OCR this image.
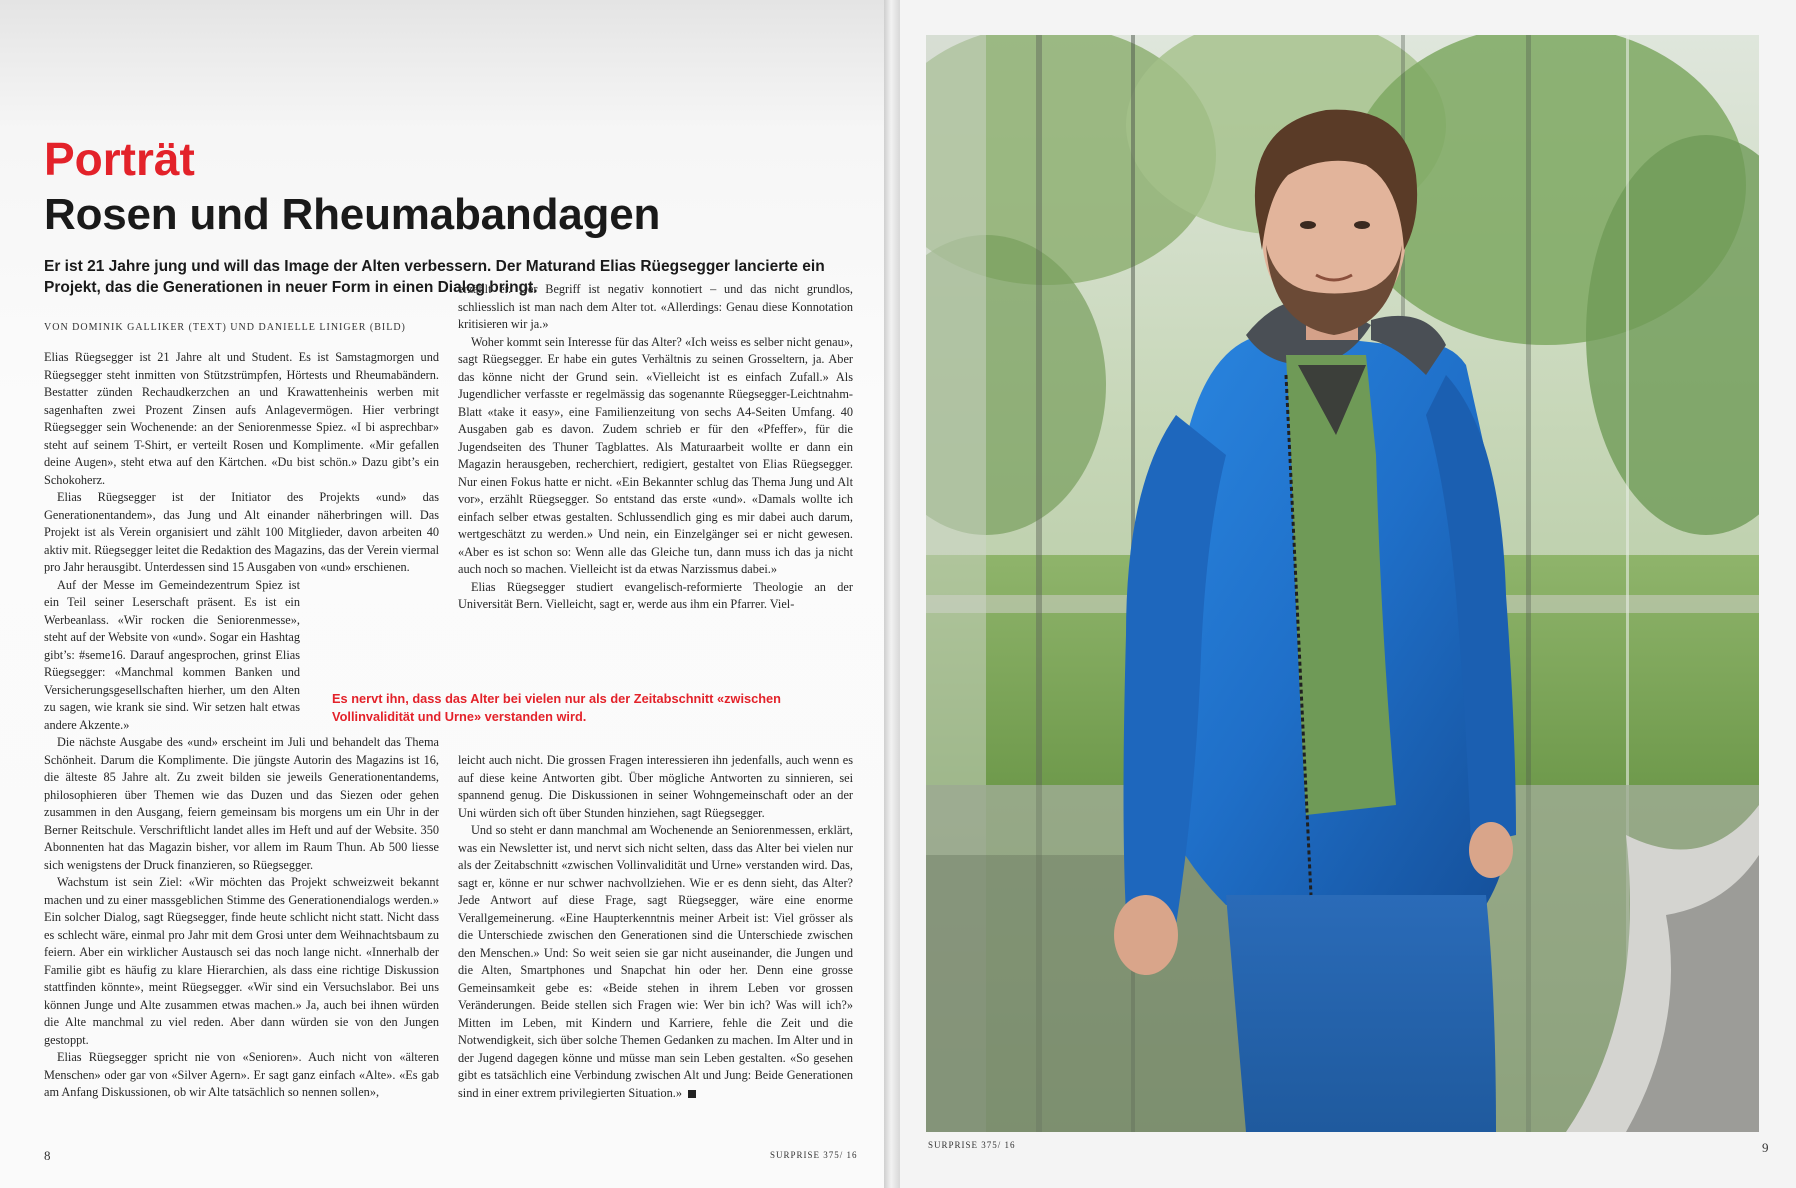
Porträt
Rosen und Rheumabandagen

Er ist 21 Jahre jung und will das Image der Alten verbessern. Der Maturand Elias Rüegsegger lancierte ein Projekt, das die Generationen in neuer Form in einen Dialog bringt.

VON DOMINIK GALLIKER (TEXT) UND DANIELLE LINIGER (BILD)

Elias Rüegsegger ist 21 Jahre alt und Student. Es ist Samstagmorgen und Rüegsegger steht inmitten von Stützstrümpfen, Hörtests und Rheumabändern. Bestatter zünden Rechaudkerzchen an und Krawattenheinis werben mit sagenhaften zwei Prozent Zinsen aufs Anlagevermögen. Hier verbringt Rüegsegger sein Wochenende: an der Seniorenmesse Spiez. «I bi asprechbar» steht auf seinem T-Shirt, er verteilt Rosen und Komplimente. «Mir gefallen deine Augen», steht etwa auf den Kärtchen. «Du bist schön.» Dazu gibt’s ein Schokoherz.

Elias Rüegsegger ist der Initiator des Projekts «und» das Generationentandem», das Jung und Alt einander näherbringen will. Das Projekt ist als Verein organisiert und zählt 100 Mitglieder, davon arbeiten 40 aktiv mit. Rüegsegger leitet die Redaktion des Magazins, das der Verein viermal pro Jahr herausgibt. Unterdessen sind 15 Ausgaben von «und» erschienen.

Auf der Messe im Gemeindezentrum Spiez ist ein Teil seiner Leserschaft präsent. Es ist ein Werbeanlass. «Wir rocken die Seniorenmesse», steht auf der Website von «und». Sogar ein Hashtag gibt’s: #seme16. Darauf angesprochen, grinst Elias Rüegsegger: «Manchmal kommen Banken und Versicherungsgesellschaften hierher, um den Alten zu sagen, wie krank sie sind. Wir setzen halt etwas andere Akzente.»

Die nächste Ausgabe des «und» erscheint im Juli und behandelt das Thema Schönheit. Darum die Komplimente. Die jüngste Autorin des Magazins ist 16, die älteste 85 Jahre alt. Zu zweit bilden sie jeweils Generationentandems, philosophieren über Themen wie das Duzen und das Siezen oder gehen zusammen in den Ausgang, feiern gemeinsam bis morgens um ein Uhr in der Berner Reitschule. Verschriftlicht landet alles im Heft und auf der Website. 350 Abonnenten hat das Magazin bisher, vor allem im Raum Thun. Ab 500 liesse sich wenigstens der Druck finanzieren, so Rüegsegger.

Wachstum ist sein Ziel: «Wir möchten das Projekt schweizweit bekannt machen und zu einer massgeblichen Stimme des Generationendialogs werden.» Ein solcher Dialog, sagt Rüegsegger, finde heute schlicht nicht statt. Nicht dass es schlecht wäre, einmal pro Jahr mit dem Grosi unter dem Weihnachtsbaum zu feiern. Aber ein wirklicher Austausch sei das noch lange nicht. «Innerhalb der Familie gibt es häufig zu klare Hierarchien, als dass eine richtige Diskussion stattfinden könnte», meint Rüegsegger. «Wir sind ein Versuchslabor. Bei uns können Junge und Alte zusammen etwas machen.» Ja, auch bei ihnen würden die Alte manchmal zu viel reden. Aber dann würden sie von den Jungen gestoppt.

Elias Rüegsegger spricht nie von «Senioren». Auch nicht von «älteren Menschen» oder gar von «Silver Agern». Er sagt ganz einfach «Alte». «Es gab am Anfang Diskussionen, ob wir Alte tatsächlich so nennen sollen»,

erzählt er. Der Begriff ist negativ konnotiert – und das nicht grundlos, schliesslich ist man nach dem Alter tot. «Allerdings: Genau diese Konnotation kritisieren wir ja.»

Woher kommt sein Interesse für das Alter? «Ich weiss es selber nicht genau», sagt Rüegsegger. Er habe ein gutes Verhältnis zu seinen Grosseltern, ja. Aber das könne nicht der Grund sein. «Vielleicht ist es einfach Zufall.» Als Jugendlicher verfasste er regelmässig das sogenannte Rüegsegger-Leichtnahm-Blatt «take it easy», eine Familienzeitung von sechs A4-Seiten Umfang. 40 Ausgaben gab es davon. Zudem schrieb er für den «Pfeffer», für die Jugendseiten des Thuner Tagblattes. Als Maturaarbeit wollte er dann ein Magazin herausgeben, recherchiert, redigiert, gestaltet von Elias Rüegsegger. Nur einen Fokus hatte er nicht. «Ein Bekannter schlug das Thema Jung und Alt vor», erzählt Rüegsegger. So entstand das erste «und». «Damals wollte ich einfach selber etwas gestalten. Schlussendlich ging es mir dabei auch darum, wertgeschätzt zu werden.» Und nein, ein Einzelgänger sei er nicht gewesen. «Aber es ist schon so: Wenn alle das Gleiche tun, dann muss ich das ja nicht auch noch so machen. Vielleicht ist da etwas Narzissmus dabei.»

Elias Rüegsegger studiert evangelisch-reformierte Theologie an der Universität Bern. Vielleicht, sagt er, werde aus ihm ein Pfarrer. Viel-

Es nervt ihn, dass das Alter bei vielen nur als der Zeitabschnitt «zwischen Vollinvalidität und Urne» verstanden wird.

leicht auch nicht. Die grossen Fragen interessieren ihn jedenfalls, auch wenn es auf diese keine Antworten gibt. Über mögliche Antworten zu sinnieren, sei spannend genug. Die Diskussionen in seiner Wohngemeinschaft oder an der Uni würden sich oft über Stunden hinziehen, sagt Rüegsegger.

Und so steht er dann manchmal am Wochenende an Seniorenmessen, erklärt, was ein Newsletter ist, und nervt sich nicht selten, dass das Alter bei vielen nur als der Zeitabschnitt «zwischen Vollinvalidität und Urne» verstanden wird. Das, sagt er, könne er nur schwer nachvollziehen. Wie er es denn sieht, das Alter? Jede Antwort auf diese Frage, sagt Rüegsegger, wäre eine enorme Verallgemeinerung. «Eine Haupterkenntnis meiner Arbeit ist: Viel grösser als die Unterschiede zwischen den Generationen sind die Unterschiede zwischen den Menschen.» Und: So weit seien sie gar nicht auseinander, die Jungen und die Alten, Smartphones und Snapchat hin oder her. Denn eine grosse Gemeinsamkeit gebe es: «Beide stehen in ihrem Leben vor grossen Veränderungen. Beide stellen sich Fragen wie: Wer bin ich? Was will ich?» Mitten im Leben, mit Kindern und Karriere, fehle die Zeit und die Notwendigkeit, sich über solche Themen Gedanken zu machen. Im Alter und in der Jugend dagegen könne und müsse man sein Leben gestalten. «So gesehen gibt es tatsächlich eine Verbindung zwischen Alt und Jung: Beide Generationen sind in einer extrem privilegierten Situation.»

8	SURPRISE 375/ 16
SURPRISE 375/ 16	9
